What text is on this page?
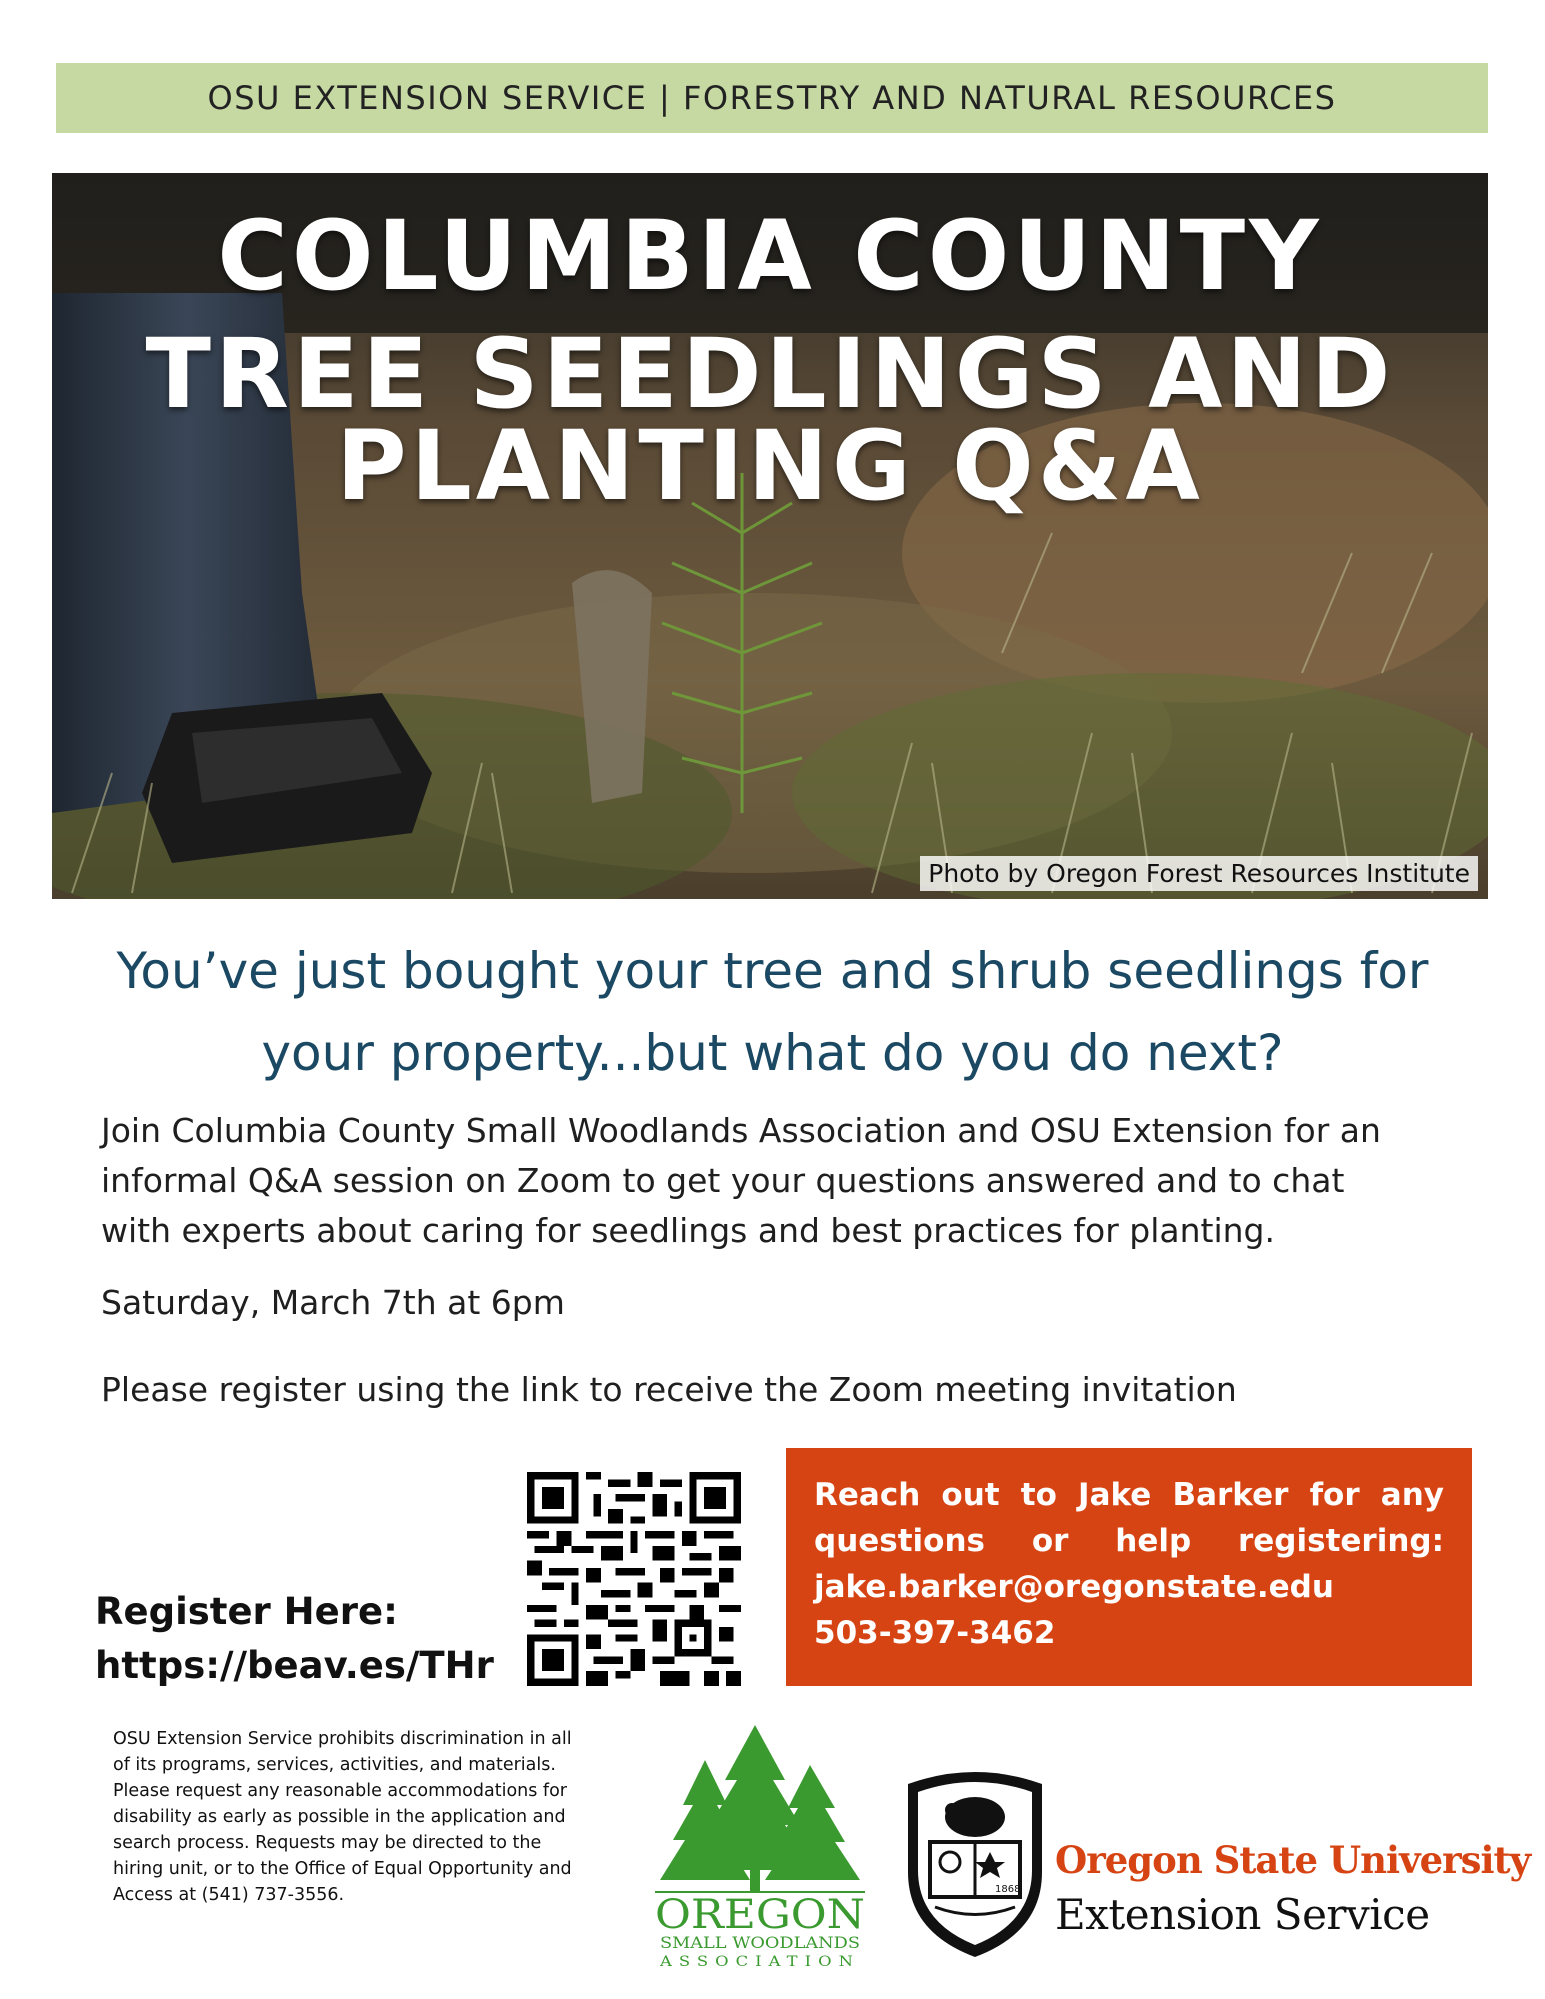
OSU EXTENSION SERVICE | FORESTRY AND NATURAL RESOURCES
COLUMBIA COUNTY
TREE SEEDLINGS AND
PLANTING Q&A
Photo by Oregon Forest Resources Institute
You’ve just bought your tree and shrub seedlings for
your property...but what do you do next?
Join Columbia County Small Woodlands Association and OSU Extension for an
informal Q&A session on Zoom to get your questions answered and to chat
with experts about caring for seedlings and best practices for planting.
Saturday, March 7th at 6pm
Please register using the link to receive the Zoom meeting invitation
Register Here:
https://beav.es/THr
Reach out to Jake Barker for any
questions or help registering:
jake.barker@oregonstate.edu
503-397-3462
OSU Extension Service prohibits discrimination in all
of its programs, services, activities, and materials.
Please request any reasonable accommodations for
disability as early as possible in the application and
search process. Requests may be directed to the
hiring unit, or to the Office of Equal Opportunity and
Access at (541) 737-3556.	OREGON
SMALL WOODLANDS
ASSOCIATION
1868
Oregon State University
Extension Service
